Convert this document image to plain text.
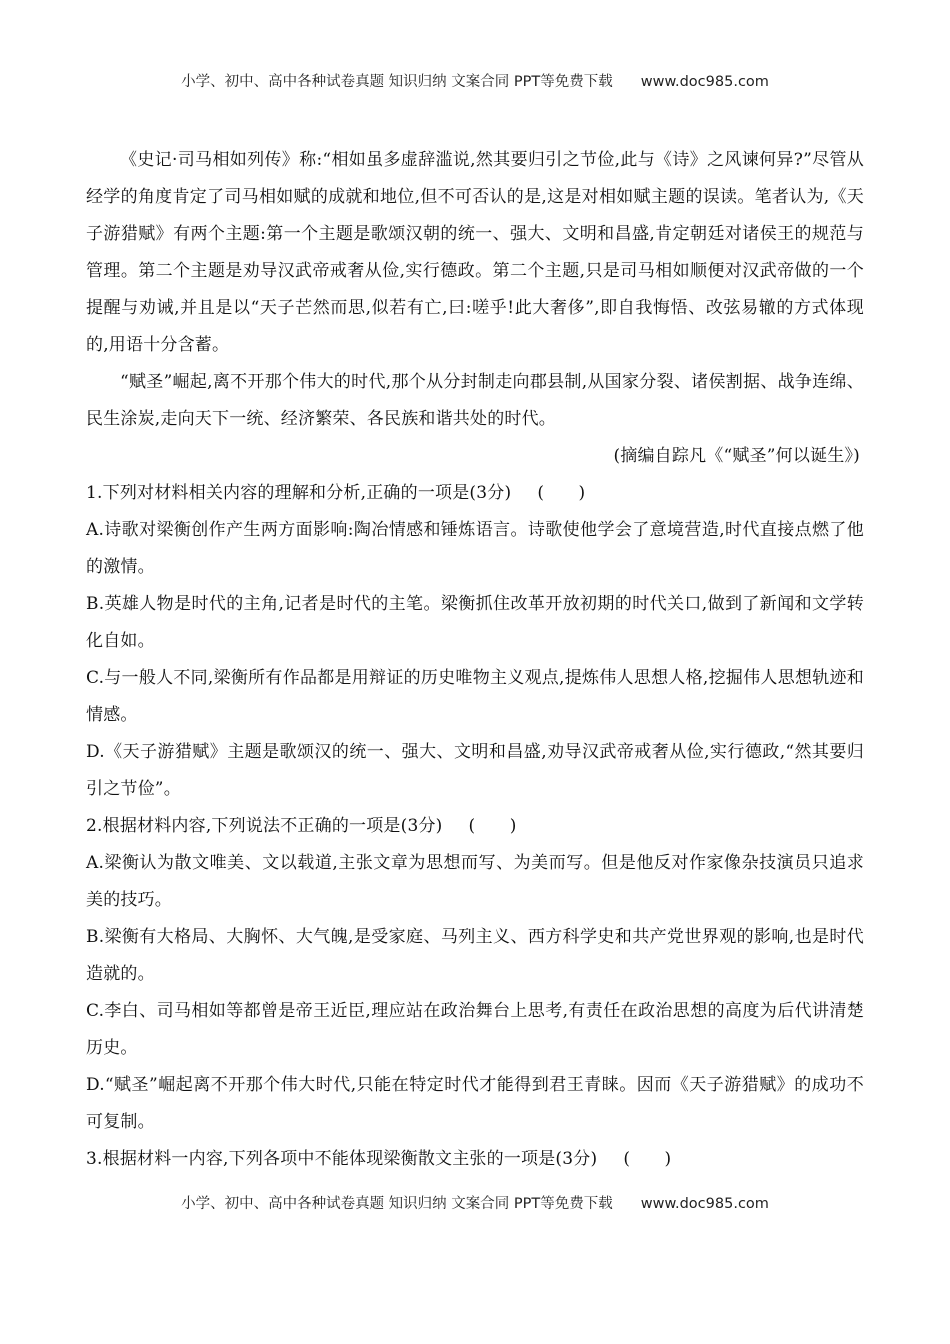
小学、初中、高中各种试卷真题 知识归纳 文案合同 PPT等免费下载 www.doc985.com

《史记·司马相如列传》称:“相如虽多虚辞滥说,然其要归引之节俭,此与《诗》之风谏何异?”尽管从经学的角度肯定了司马相如赋的成就和地位,但不可否认的是,这是对相如赋主题的误读。笔者认为,《天子游猎赋》有两个主题:第一个主题是歌颂汉朝的统一、强大、文明和昌盛,肯定朝廷对诸侯王的规范与管理。第二个主题是劝导汉武帝戒奢从俭,实行德政。第二个主题,只是司马相如顺便对汉武帝做的一个提醒与劝诫,并且是以“天子芒然而思,似若有亡,曰:嗟乎!此大奢侈”,即自我悔悟、改弦易辙的方式体现的,用语十分含蓄。

“赋圣”崛起,离不开那个伟大的时代,那个从分封制走向郡县制,从国家分裂、诸侯割据、战争连绵、民生涂炭,走向天下一统、经济繁荣、各民族和谐共处的时代。

(摘编自踪凡《“赋圣”何以诞生》)

1.下列对材料相关内容的理解和分析,正确的一项是(3分) (　　)

A.诗歌对梁衡创作产生两方面影响:陶冶情感和锤炼语言。诗歌使他学会了意境营造,时代直接点燃了他的激情。

B.英雄人物是时代的主角,记者是时代的主笔。梁衡抓住改革开放初期的时代关口,做到了新闻和文学转化自如。

C.与一般人不同,梁衡所有作品都是用辩证的历史唯物主义观点,提炼伟人思想人格,挖掘伟人思想轨迹和情感。

D.《天子游猎赋》主题是歌颂汉的统一、强大、文明和昌盛,劝导汉武帝戒奢从俭,实行德政,“然其要归引之节俭”。

2.根据材料内容,下列说法不正确的一项是(3分) (　　)

A.梁衡认为散文唯美、文以载道,主张文章为思想而写、为美而写。但是他反对作家像杂技演员只追求美的技巧。

B.梁衡有大格局、大胸怀、大气魄,是受家庭、马列主义、西方科学史和共产党世界观的影响,也是时代造就的。

C.李白、司马相如等都曾是帝王近臣,理应站在政治舞台上思考,有责任在政治思想的高度为后代讲清楚历史。

D.“赋圣”崛起离不开那个伟大时代,只能在特定时代才能得到君王青睐。因而《天子游猎赋》的成功不可复制。

3.根据材料一内容,下列各项中不能体现梁衡散文主张的一项是(3分) (　　)

小学、初中、高中各种试卷真题 知识归纳 文案合同 PPT等免费下载 www.doc985.com
